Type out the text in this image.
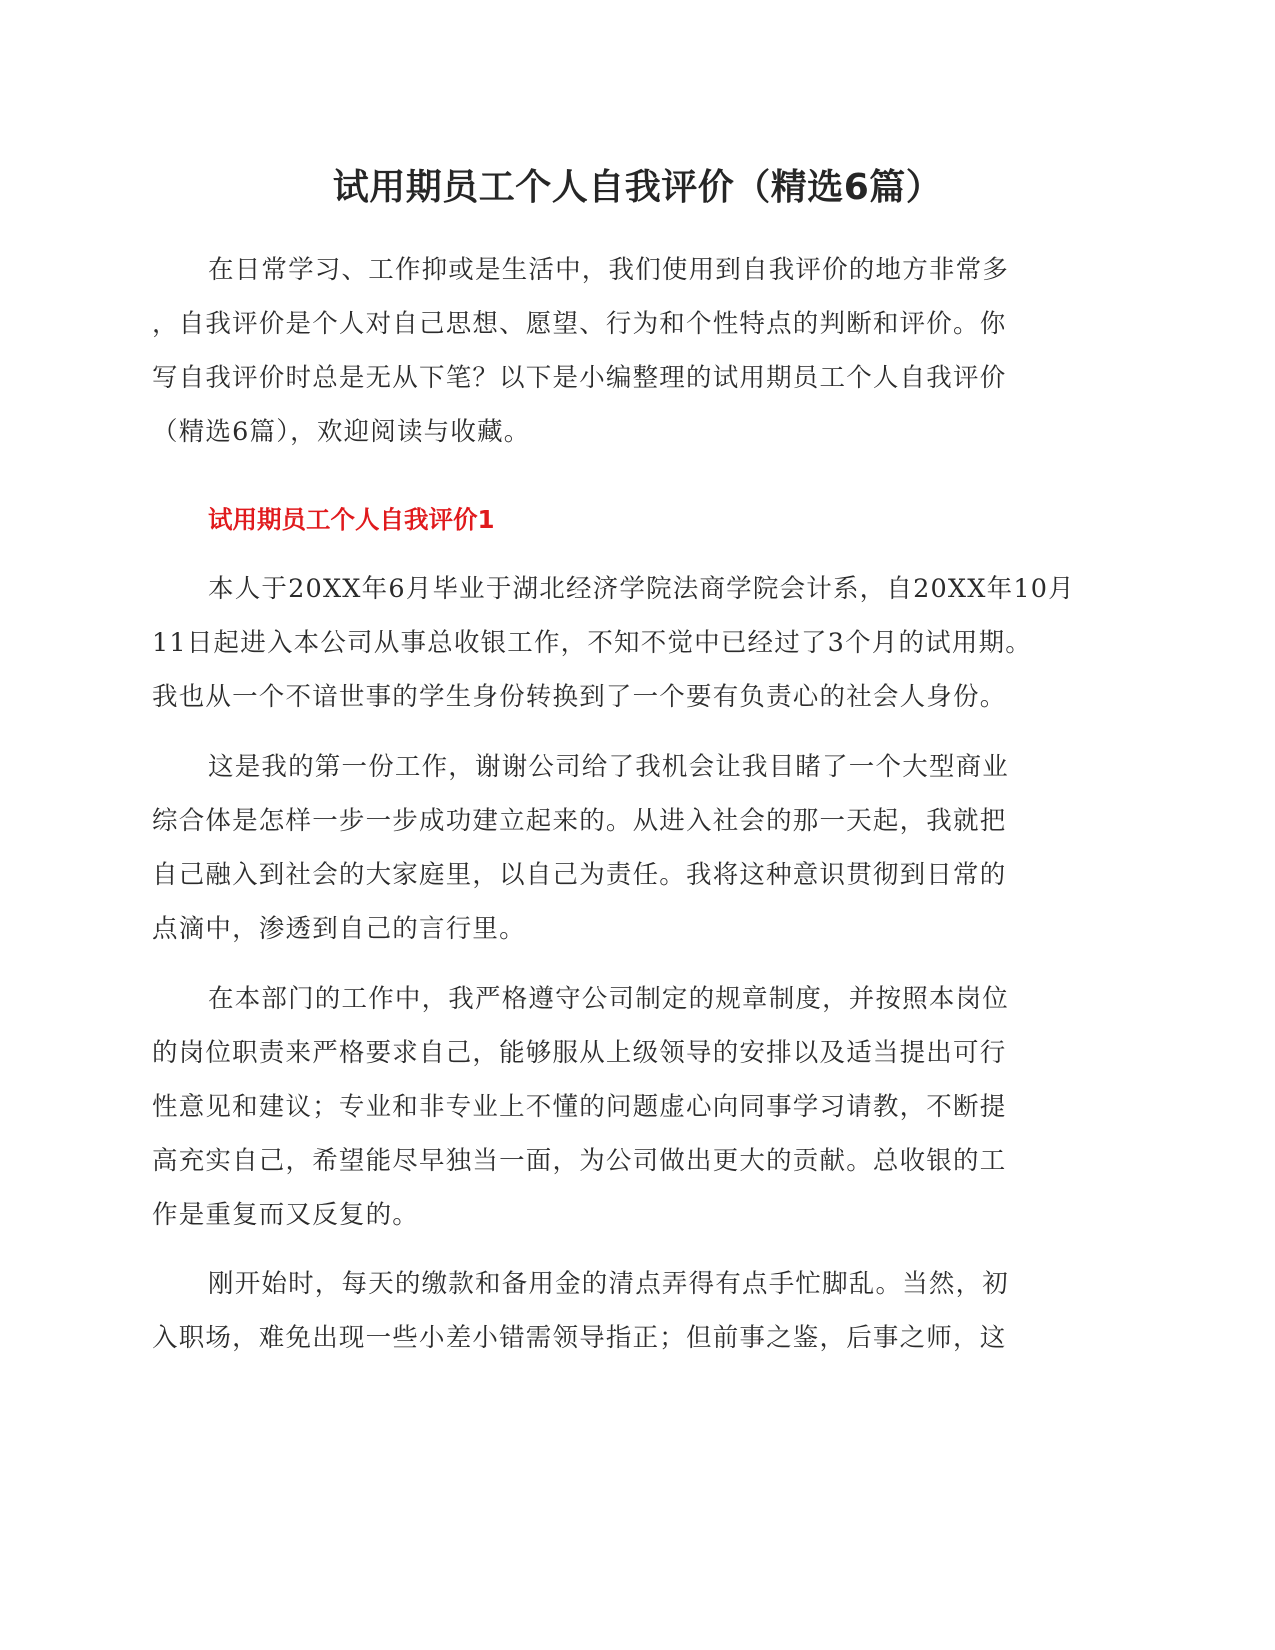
试用期员工个人自我评价（精选6篇）
在日常学习、工作抑或是生活中，我们使用到自我评价的地方非常多
，自我评价是个人对自己思想、愿望、行为和个性特点的判断和评价。你
写自我评价时总是无从下笔？以下是小编整理的试用期员工个人自我评价
（精选6篇），欢迎阅读与收藏。
试用期员工个人自我评价1
本人于20XX年6月毕业于湖北经济学院法商学院会计系，自20XX年10月
11日起进入本公司从事总收银工作，不知不觉中已经过了3个月的试用期。
我也从一个不谙世事的学生身份转换到了一个要有负责心的社会人身份。
这是我的第一份工作，谢谢公司给了我机会让我目睹了一个大型商业
综合体是怎样一步一步成功建立起来的。从进入社会的那一天起，我就把
自己融入到社会的大家庭里，以自己为责任。我将这种意识贯彻到日常的
点滴中，渗透到自己的言行里。
在本部门的工作中，我严格遵守公司制定的规章制度，并按照本岗位
的岗位职责来严格要求自己，能够服从上级领导的安排以及适当提出可行
性意见和建议；专业和非专业上不懂的问题虚心向同事学习请教，不断提
高充实自己，希望能尽早独当一面，为公司做出更大的贡献。总收银的工
作是重复而又反复的。
刚开始时，每天的缴款和备用金的清点弄得有点手忙脚乱。当然，初
入职场，难免出现一些小差小错需领导指正；但前事之鉴，后事之师，这
